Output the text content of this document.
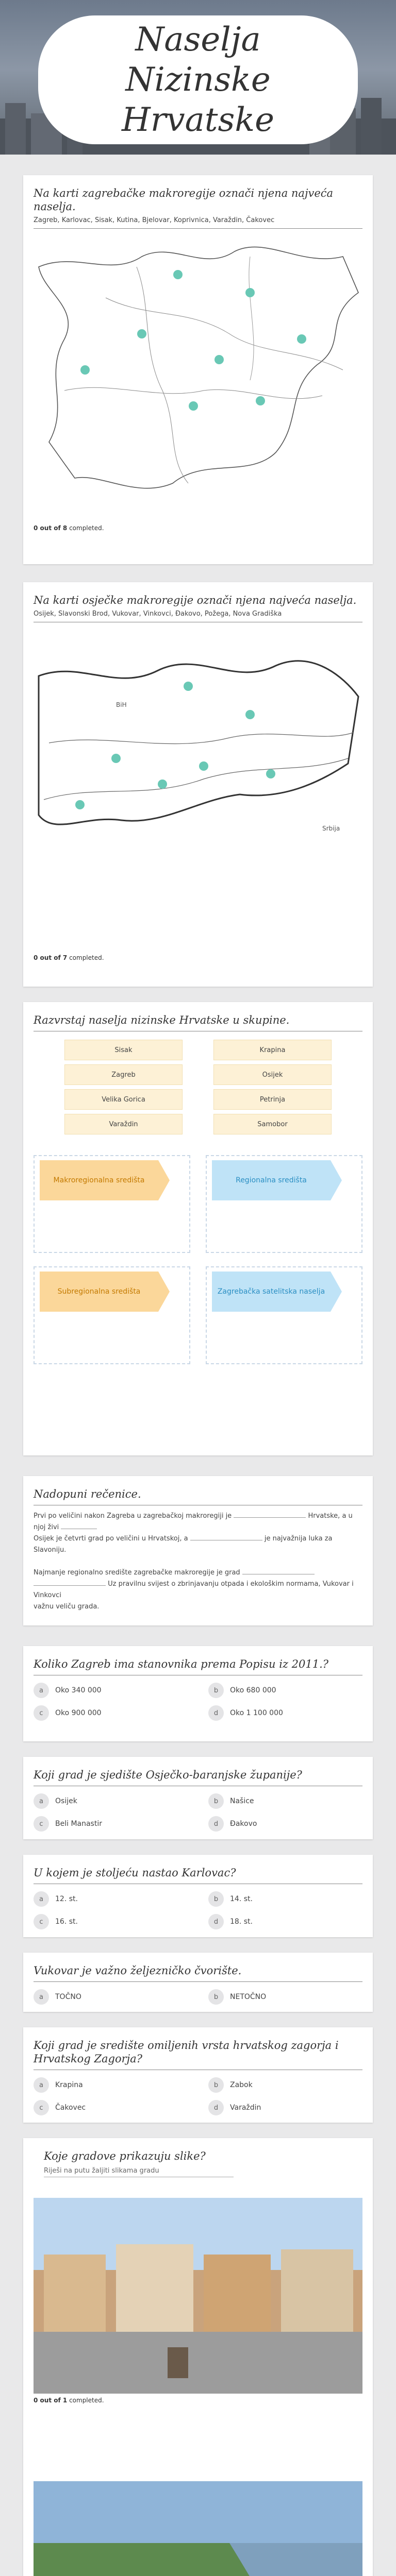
Naselja Nizinske Hrvatske
Na karti zagrebačke makroregije označi njena najveća naselja.
Zagreb, Karlovac, Sisak, Kutina, Bjelovar, Koprivnica, Varaždin, Čakovec
0 out of 8 completed.
Na karti osječke makroregije označi njena najveća naselja.
Osijek, Slavonski Brod, Vukovar, Vinkovci, Đakovo, Požega, Nova Gradiška
BiH
Srbija
0 out of 7 completed.
Razvrstaj naselja nizinske Hrvatske u skupine.
Sisak	Krapina
Zagreb	Osijek
Velika Gorica	Petrinja
Varaždin	Samobor
Makroregionalna središta	Regionalna središta
Subregionalna središta	Zagrebačka satelitska naselja
Nadopuni rečenice.
Prvi po veličini nakon Zagreba u zagrebačkoj makroregiji je	Hrvatske, a u njoj živi
Osijek je četvrti grad po veličini u Hrvatskoj, a	je najvažnija luka za Slavoniju.

Najmanje regionalno središte zagrebačke makroregije je grad
Uz pravilnu svijest o zbrinjavanju otpada i ekološkim normama, Vukovar i Vinkovci
važnu veliču grada.
Koliko Zagreb ima stanovnika prema Popisu iz 2011.?
a	Oko 340 000	b	Oko 680 000
c	Oko 900 000	d	Oko 1 100 000
Koji grad je sjedište Osječko-baranjske županije?
a	Osijek	b	Našice
c	Beli Manastir	d	Đakovo
U kojem je stoljeću nastao Karlovac?
a	12. st.	b	14. st.
c	16. st.	d	18. st.
Vukovar je važno željezničko čvorište.
a	TOČNO	b	NETOČNO
Koji grad je središte omiljenih vrsta hrvatskog zagorja i Hrvatskog Zagorja?
a	Krapina	b	Zabok
c	Čakovec	d	Varaždin
Koje gradove prikazuju slike?
Riješi na putu žaljiti slikama gradu
0 out of 1 completed.
